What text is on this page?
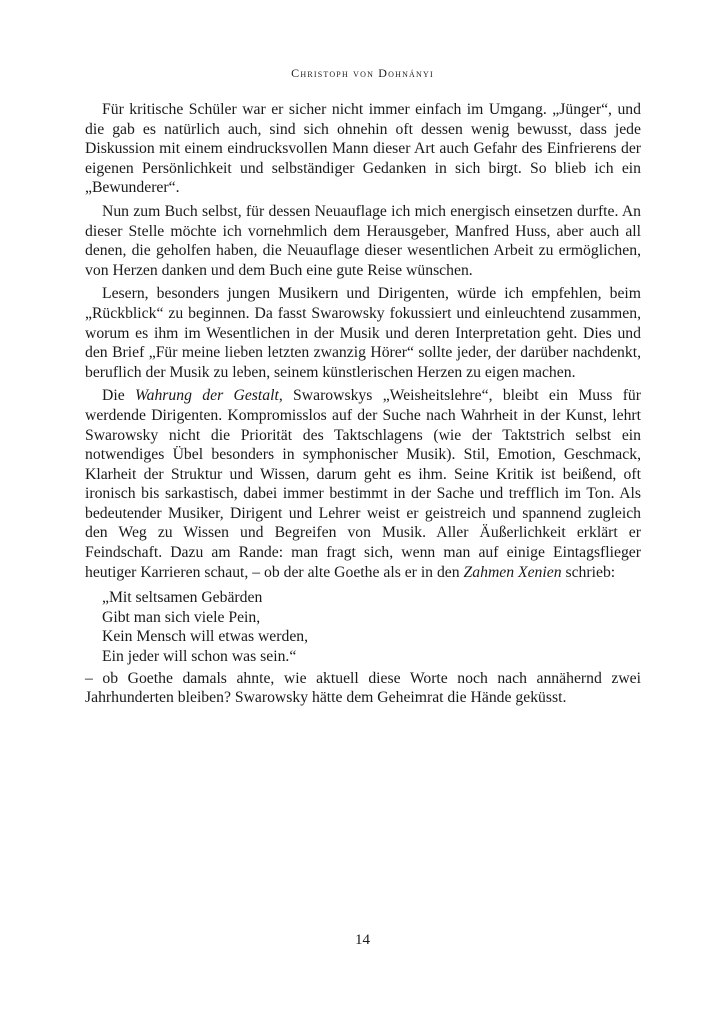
Christoph von Dohnányi

Für kritische Schüler war er sicher nicht immer einfach im Umgang. „Jünger“, und die gab es natürlich auch, sind sich ohnehin oft dessen wenig bewusst, dass jede Diskussion mit einem eindrucksvollen Mann dieser Art auch Gefahr des Einfrierens der eigenen Persönlichkeit und selbständiger Gedanken in sich birgt. So blieb ich ein „Bewunderer“.

Nun zum Buch selbst, für dessen Neuauflage ich mich energisch einsetzen durfte. An dieser Stelle möchte ich vornehmlich dem Herausgeber, Manfred Huss, aber auch all denen, die geholfen haben, die Neuauflage dieser wesentlichen Arbeit zu ermöglichen, von Herzen danken und dem Buch eine gute Reise wünschen.

Lesern, besonders jungen Musikern und Dirigenten, würde ich empfehlen, beim „Rückblick“ zu beginnen. Da fasst Swarowsky fokussiert und einleuchtend zusammen, worum es ihm im Wesentlichen in der Musik und deren Interpretation geht. Dies und den Brief „Für meine lieben letzten zwanzig Hörer“ sollte jeder, der darüber nachdenkt, beruflich der Musik zu leben, seinem künstlerischen Herzen zu eigen machen.

Die Wahrung der Gestalt, Swarowskys „Weisheitslehre“, bleibt ein Muss für werdende Dirigenten. Kompromisslos auf der Suche nach Wahrheit in der Kunst, lehrt Swarowsky nicht die Priorität des Taktschlagens (wie der Taktstrich selbst ein notwendiges Übel besonders in symphonischer Musik). Stil, Emotion, Geschmack, Klarheit der Struktur und Wissen, darum geht es ihm. Seine Kritik ist beißend, oft ironisch bis sarkastisch, dabei immer bestimmt in der Sache und trefflich im Ton. Als bedeutender Musiker, Dirigent und Lehrer weist er geistreich und spannend zugleich den Weg zu Wissen und Begreifen von Musik. Aller Äußerlichkeit erklärt er Feindschaft. Dazu am Rande: man fragt sich, wenn man auf einige Eintagsflieger heutiger Karrieren schaut, – ob der alte Goethe als er in den Zahmen Xenien schrieb:

„Mit seltsamen Gebärden
Gibt man sich viele Pein,
Kein Mensch will etwas werden,
Ein jeder will schon was sein.“

– ob Goethe damals ahnte, wie aktuell diese Worte noch nach annähernd zwei Jahrhunderten bleiben? Swarowsky hätte dem Geheimrat die Hände geküsst.

14
